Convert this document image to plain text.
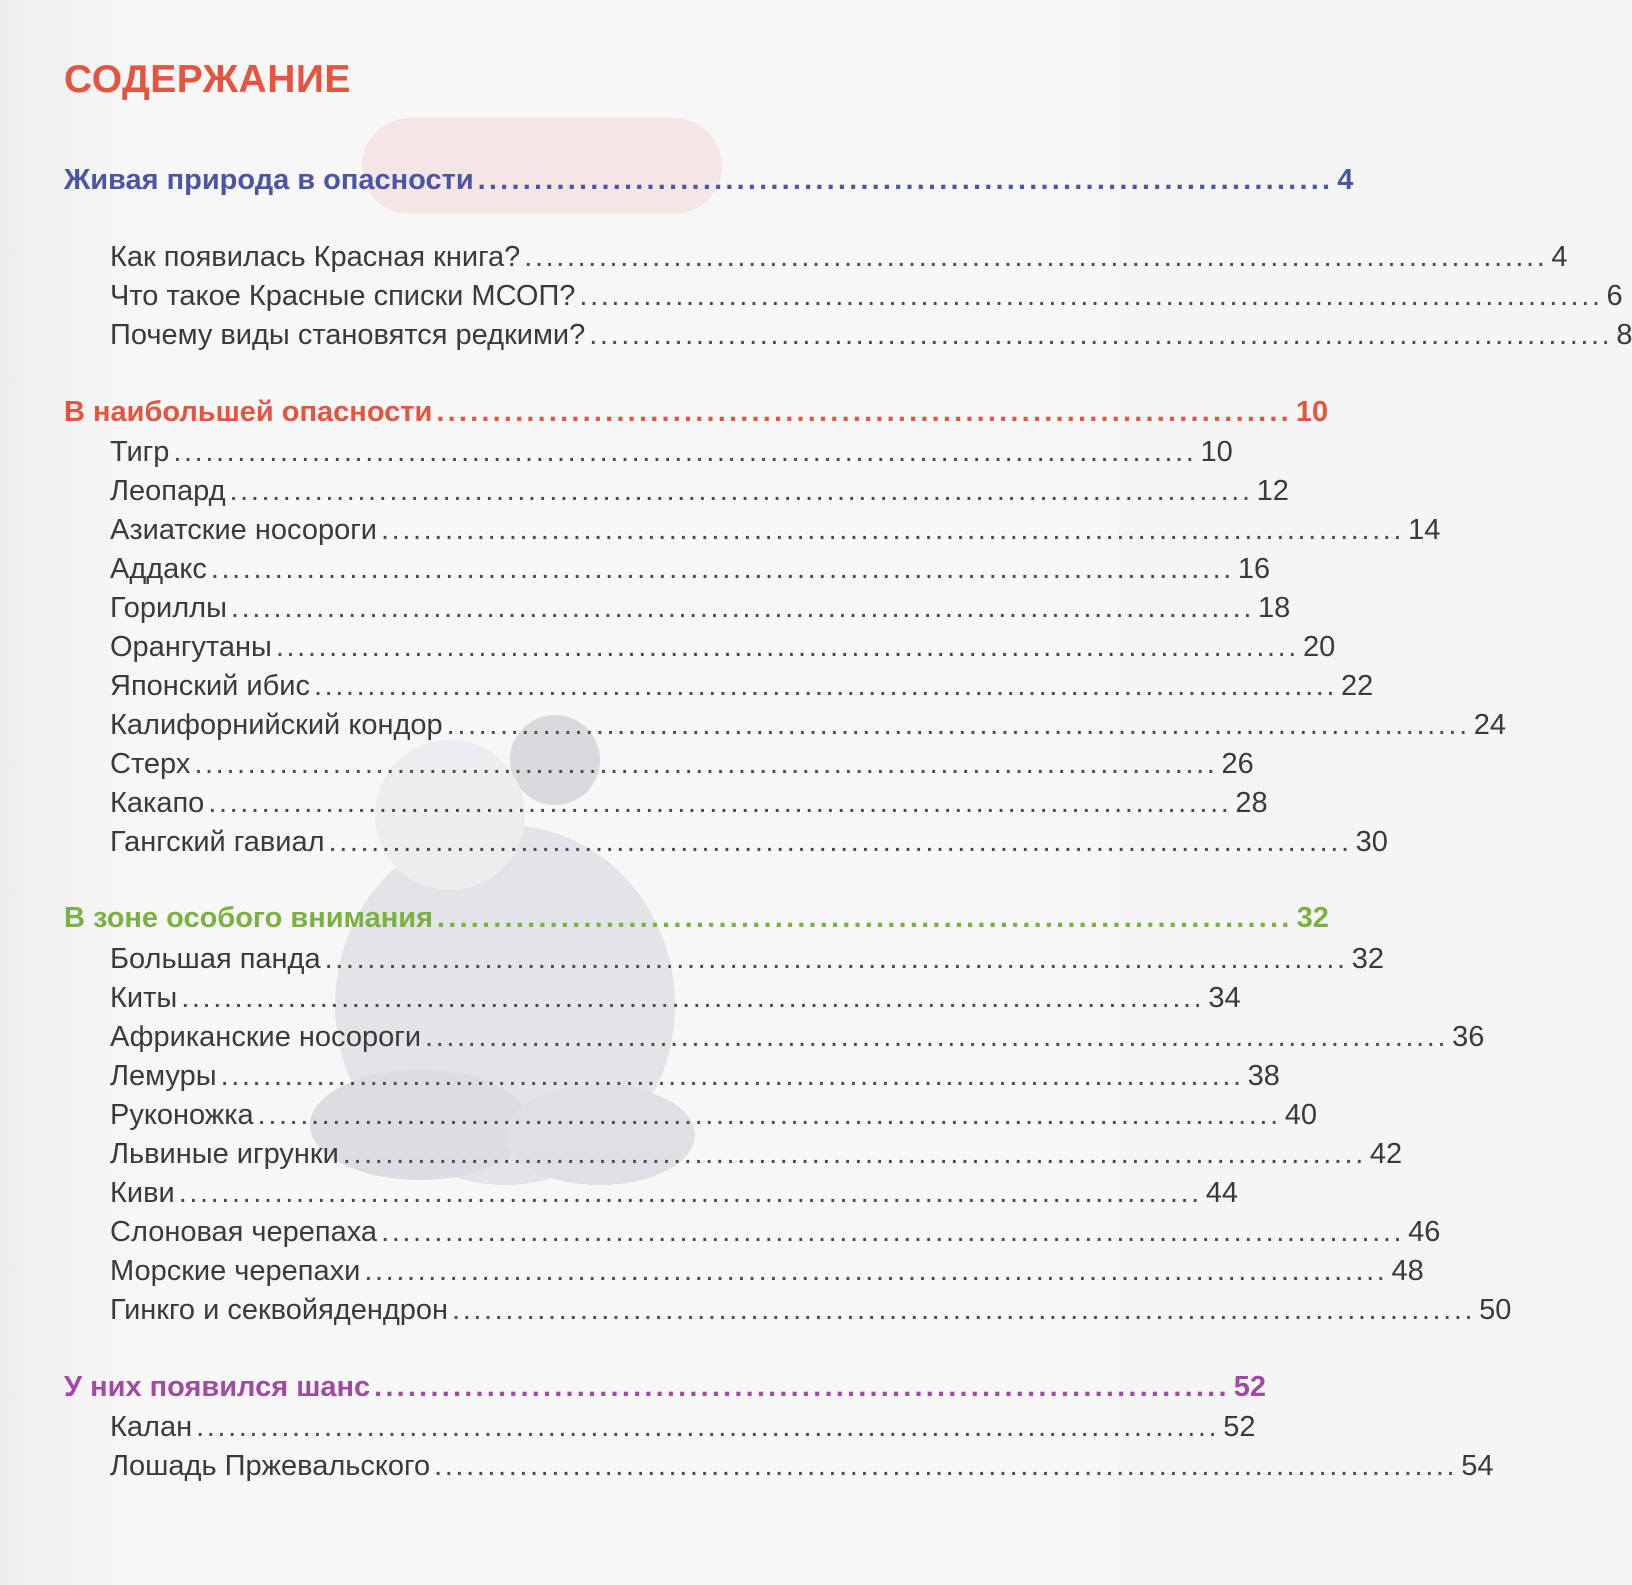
СОДЕРЖАНИЕ
Живая природа в опасности ............................................................................ 4
Как появилась Красная книга? ................................................................................................ 4
Что такое Красные списки МСОП? ................................................................................................ 6
Почему виды становятся редкими? ................................................................................................ 8
В наибольшей опасности ............................................................................ 10
Тигр ................................................................................................ 10
Леопард ................................................................................................ 12
Азиатские носороги ................................................................................................ 14
Аддакс ................................................................................................ 16
Гориллы ................................................................................................ 18
Орангутаны ................................................................................................ 20
Японский ибис ................................................................................................ 22
Калифорнийский кондор ................................................................................................ 24
Стерх ................................................................................................ 26
Какапо ................................................................................................ 28
Гангский гавиал ................................................................................................ 30
В зоне особого внимания ............................................................................ 32
Большая панда ................................................................................................ 32
Киты ................................................................................................ 34
Африканские носороги ................................................................................................ 36
Лемуры ................................................................................................ 38
Руконожка ................................................................................................ 40
Львиные игрунки ................................................................................................ 42
Киви ................................................................................................ 44
Слоновая черепаха ................................................................................................ 46
Морские черепахи ................................................................................................ 48
Гинкго и секвойядендрон ................................................................................................ 50
У них появился шанс ............................................................................ 52
Калан ................................................................................................ 52
Лошадь Пржевальского ................................................................................................ 54
